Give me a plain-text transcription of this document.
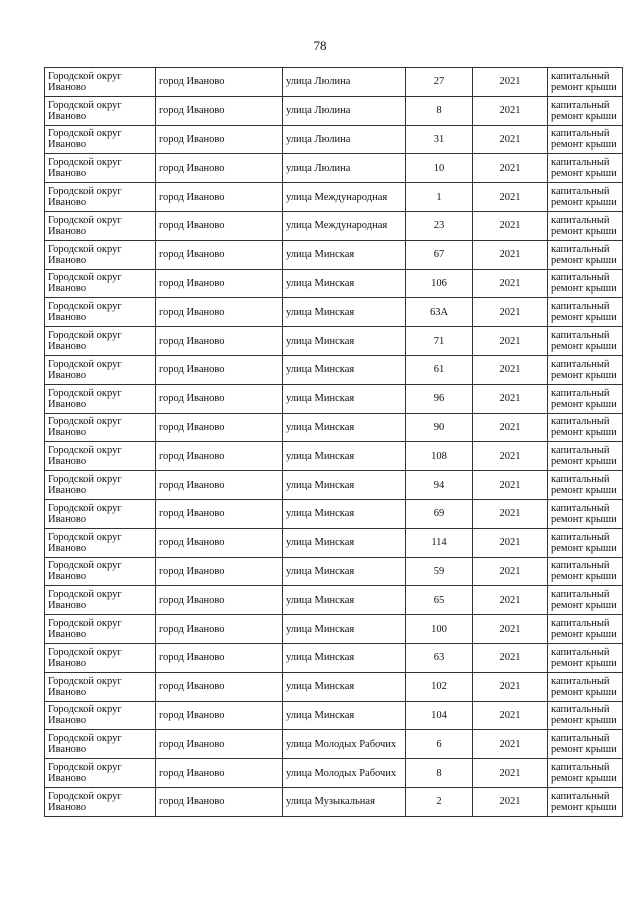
78
Городской округ Иваново	город Иваново	улица Люлина	27	2021	капитальный ремонт крыши
Городской округ Иваново	город Иваново	улица Люлина	8	2021	капитальный ремонт крыши
Городской округ Иваново	город Иваново	улица Люлина	31	2021	капитальный ремонт крыши
Городской округ Иваново	город Иваново	улица Люлина	10	2021	капитальный ремонт крыши
Городской округ Иваново	город Иваново	улица Международная	1	2021	капитальный ремонт крыши
Городской округ Иваново	город Иваново	улица Международная	23	2021	капитальный ремонт крыши
Городской округ Иваново	город Иваново	улица Минская	67	2021	капитальный ремонт крыши
Городской округ Иваново	город Иваново	улица Минская	106	2021	капитальный ремонт крыши
Городской округ Иваново	город Иваново	улица Минская	63А	2021	капитальный ремонт крыши
Городской округ Иваново	город Иваново	улица Минская	71	2021	капитальный ремонт крыши
Городской округ Иваново	город Иваново	улица Минская	61	2021	капитальный ремонт крыши
Городской округ Иваново	город Иваново	улица Минская	96	2021	капитальный ремонт крыши
Городской округ Иваново	город Иваново	улица Минская	90	2021	капитальный ремонт крыши
Городской округ Иваново	город Иваново	улица Минская	108	2021	капитальный ремонт крыши
Городской округ Иваново	город Иваново	улица Минская	94	2021	капитальный ремонт крыши
Городской округ Иваново	город Иваново	улица Минская	69	2021	капитальный ремонт крыши
Городской округ Иваново	город Иваново	улица Минская	114	2021	капитальный ремонт крыши
Городской округ Иваново	город Иваново	улица Минская	59	2021	капитальный ремонт крыши
Городской округ Иваново	город Иваново	улица Минская	65	2021	капитальный ремонт крыши
Городской округ Иваново	город Иваново	улица Минская	100	2021	капитальный ремонт крыши
Городской округ Иваново	город Иваново	улица Минская	63	2021	капитальный ремонт крыши
Городской округ Иваново	город Иваново	улица Минская	102	2021	капитальный ремонт крыши
Городской округ Иваново	город Иваново	улица Минская	104	2021	капитальный ремонт крыши
Городской округ Иваново	город Иваново	улица Молодых Рабочих	6	2021	капитальный ремонт крыши
Городской округ Иваново	город Иваново	улица Молодых Рабочих	8	2021	капитальный ремонт крыши
Городской округ Иваново	город Иваново	улица Музыкальная	2	2021	капитальный ремонт крыши
